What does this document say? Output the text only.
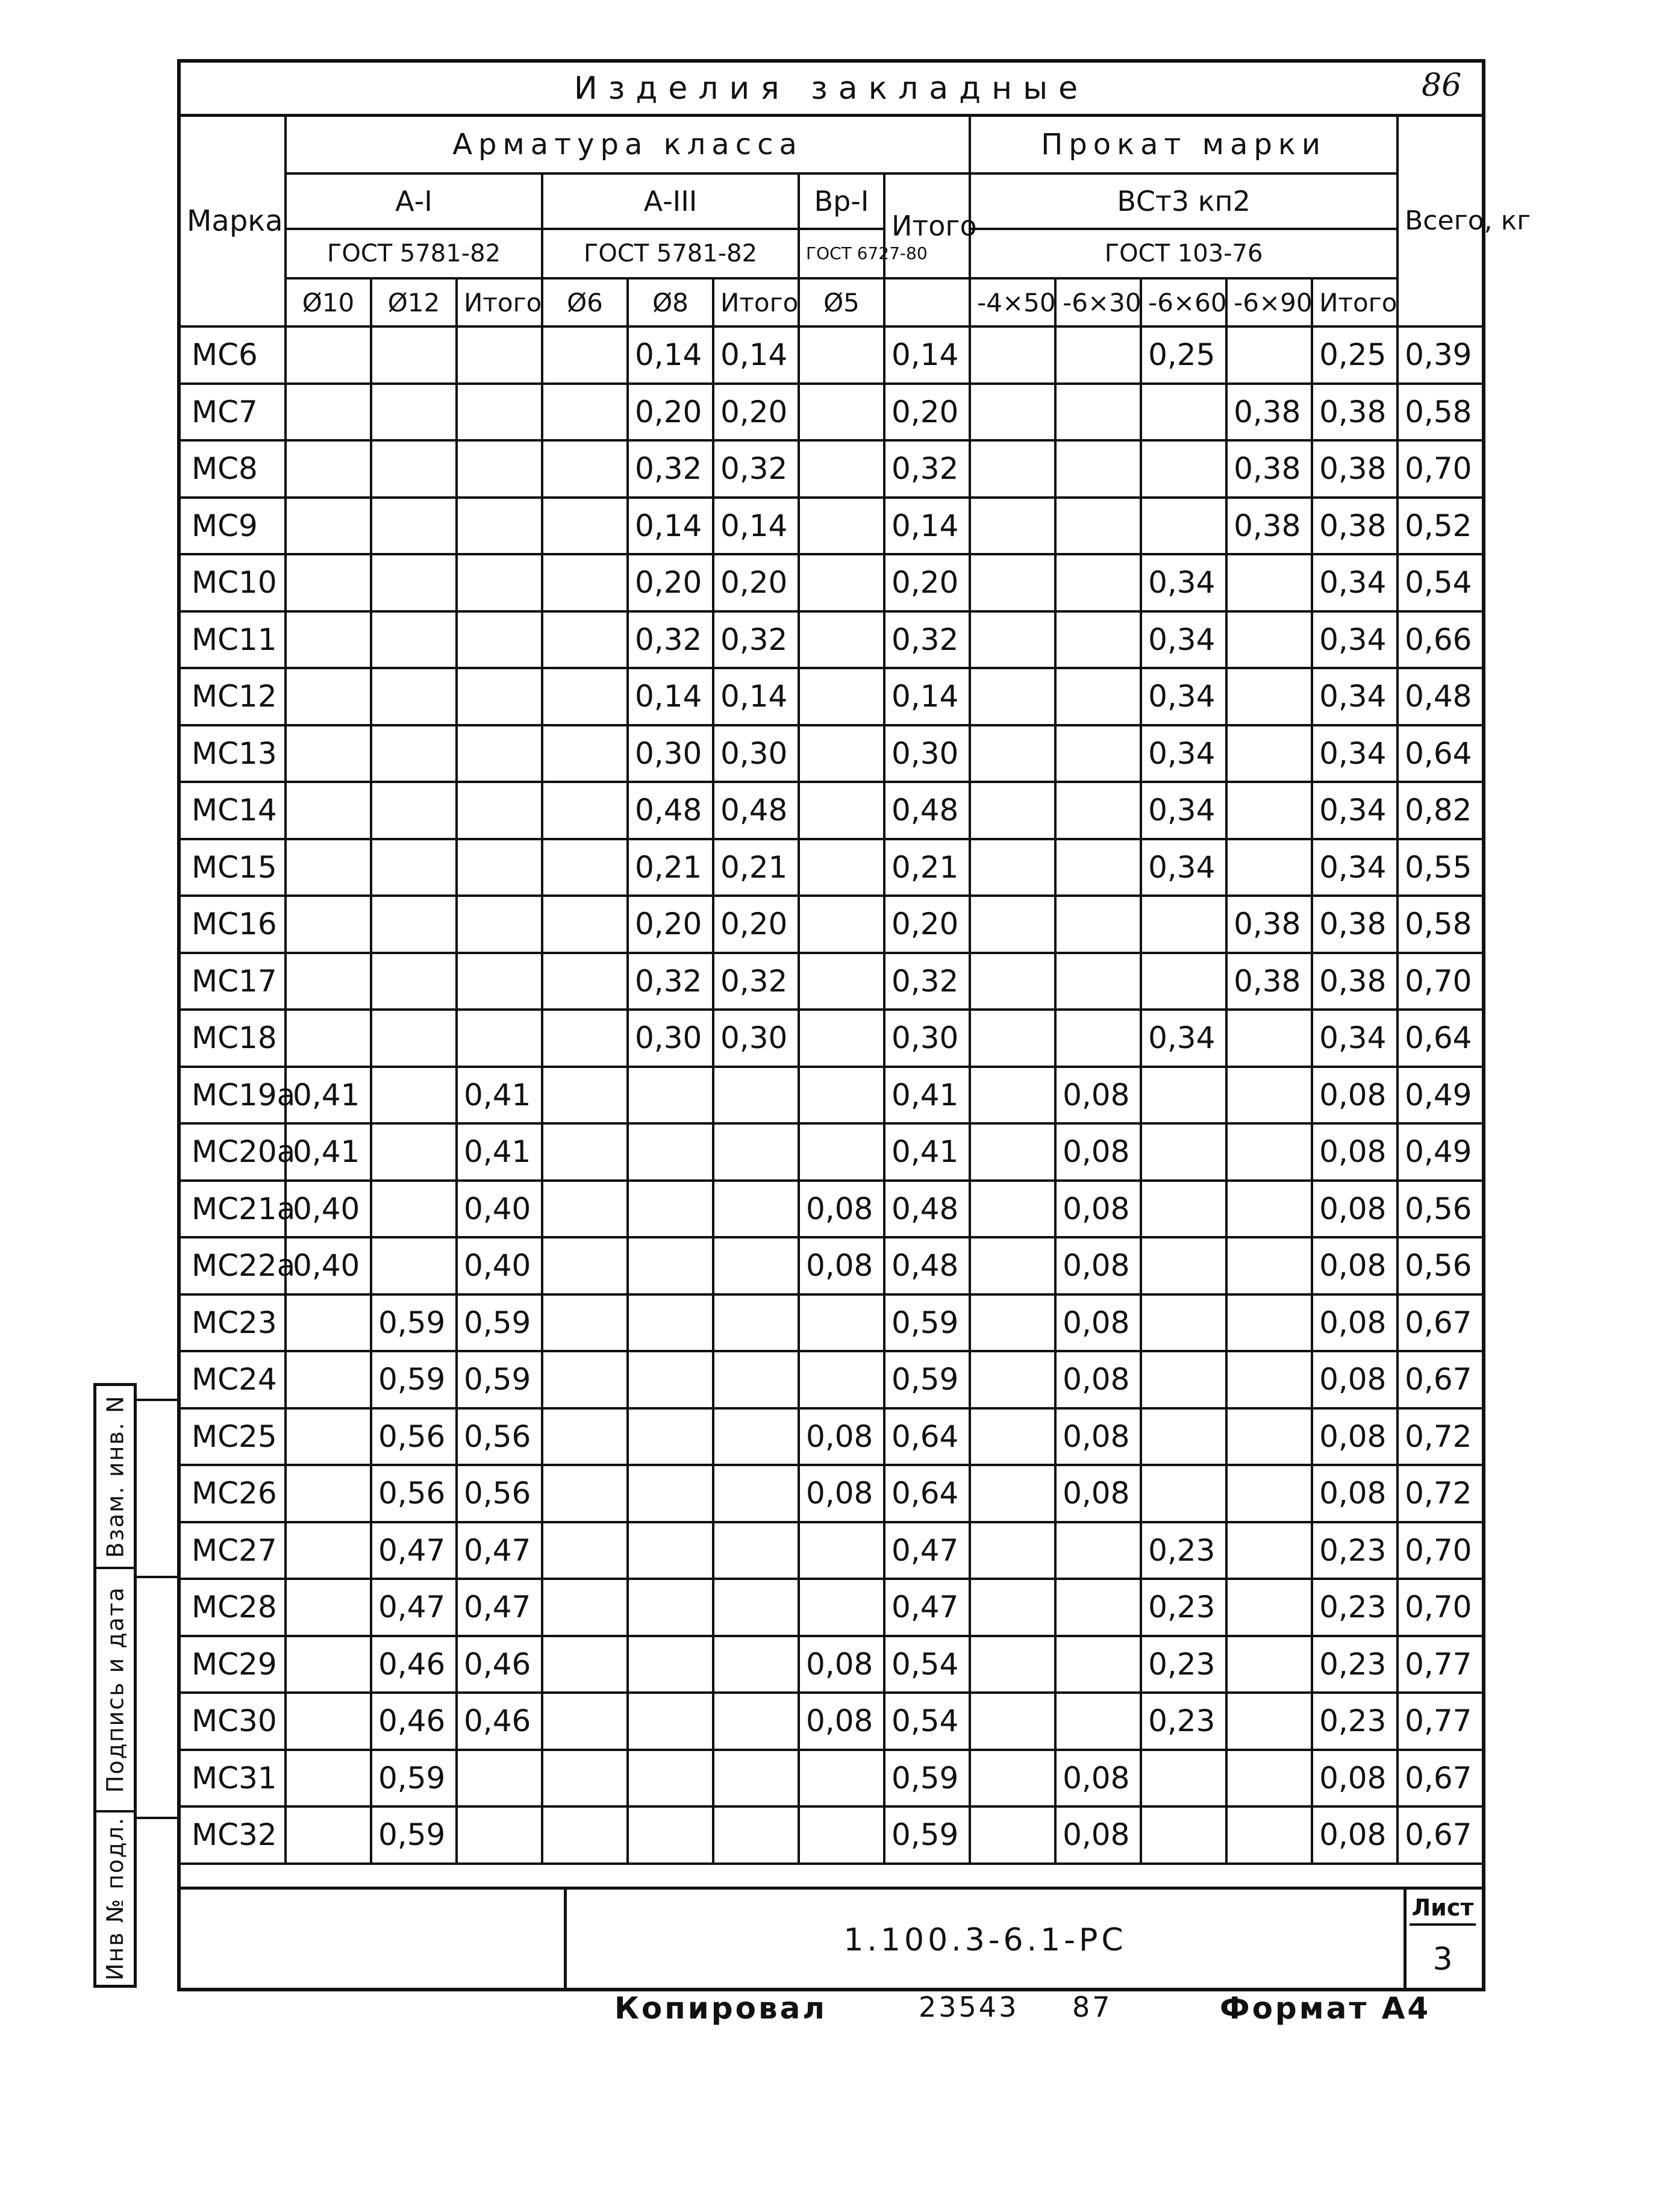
Изделия закладные	86
Марка	Арматура класса								Прокат марки					Всего, кг
	А-I			А-III			Вр-I	Итого	ВСт3 кп2					
	ГОСТ 5781-82			ГОСТ 5781-82			ГОСТ 6727-80		ГОСТ 103-76					
	Ø10	Ø12	Итого	Ø6	Ø8	Итого	Ø5		-4×50	-6×30	-6×60	-6×90	Итого	
МС6					0,14	0,14		0,14			0,25		0,25	0,39
МС7					0,20	0,20		0,20				0,38	0,38	0,58
МС8					0,32	0,32		0,32				0,38	0,38	0,70
МС9					0,14	0,14		0,14				0,38	0,38	0,52
МС10					0,20	0,20		0,20			0,34		0,34	0,54
МС11					0,32	0,32		0,32			0,34		0,34	0,66
МС12					0,14	0,14		0,14			0,34		0,34	0,48
МС13					0,30	0,30		0,30			0,34		0,34	0,64
МС14					0,48	0,48		0,48			0,34		0,34	0,82
МС15					0,21	0,21		0,21			0,34		0,34	0,55
МС16					0,20	0,20		0,20				0,38	0,38	0,58
МС17					0,32	0,32		0,32				0,38	0,38	0,70
МС18					0,30	0,30		0,30			0,34		0,34	0,64
МС19а	0,41		0,41					0,41		0,08			0,08	0,49
МС20а	0,41		0,41					0,41		0,08			0,08	0,49
МС21а	0,40		0,40				0,08	0,48		0,08			0,08	0,56
МС22а	0,40		0,40				0,08	0,48		0,08			0,08	0,56
МС23		0,59	0,59					0,59		0,08			0,08	0,67
МС24		0,59	0,59					0,59		0,08			0,08	0,67
МС25		0,56	0,56				0,08	0,64		0,08			0,08	0,72
МС26		0,56	0,56				0,08	0,64		0,08			0,08	0,72
МС27		0,47	0,47					0,47			0,23		0,23	0,70
МС28		0,47	0,47					0,47			0,23		0,23	0,70
МС29		0,46	0,46				0,08	0,54			0,23		0,23	0,77
МС30		0,46	0,46				0,08	0,54			0,23		0,23	0,77
МС31		0,59						0,59		0,08			0,08	0,67
МС32		0,59						0,59		0,08			0,08	0,67
1.100.3-6.1-РС
Лист
3
Взам. инв. N
Подпись и дата
Инв № подл.
Копировал	23543 87	Формат А4
